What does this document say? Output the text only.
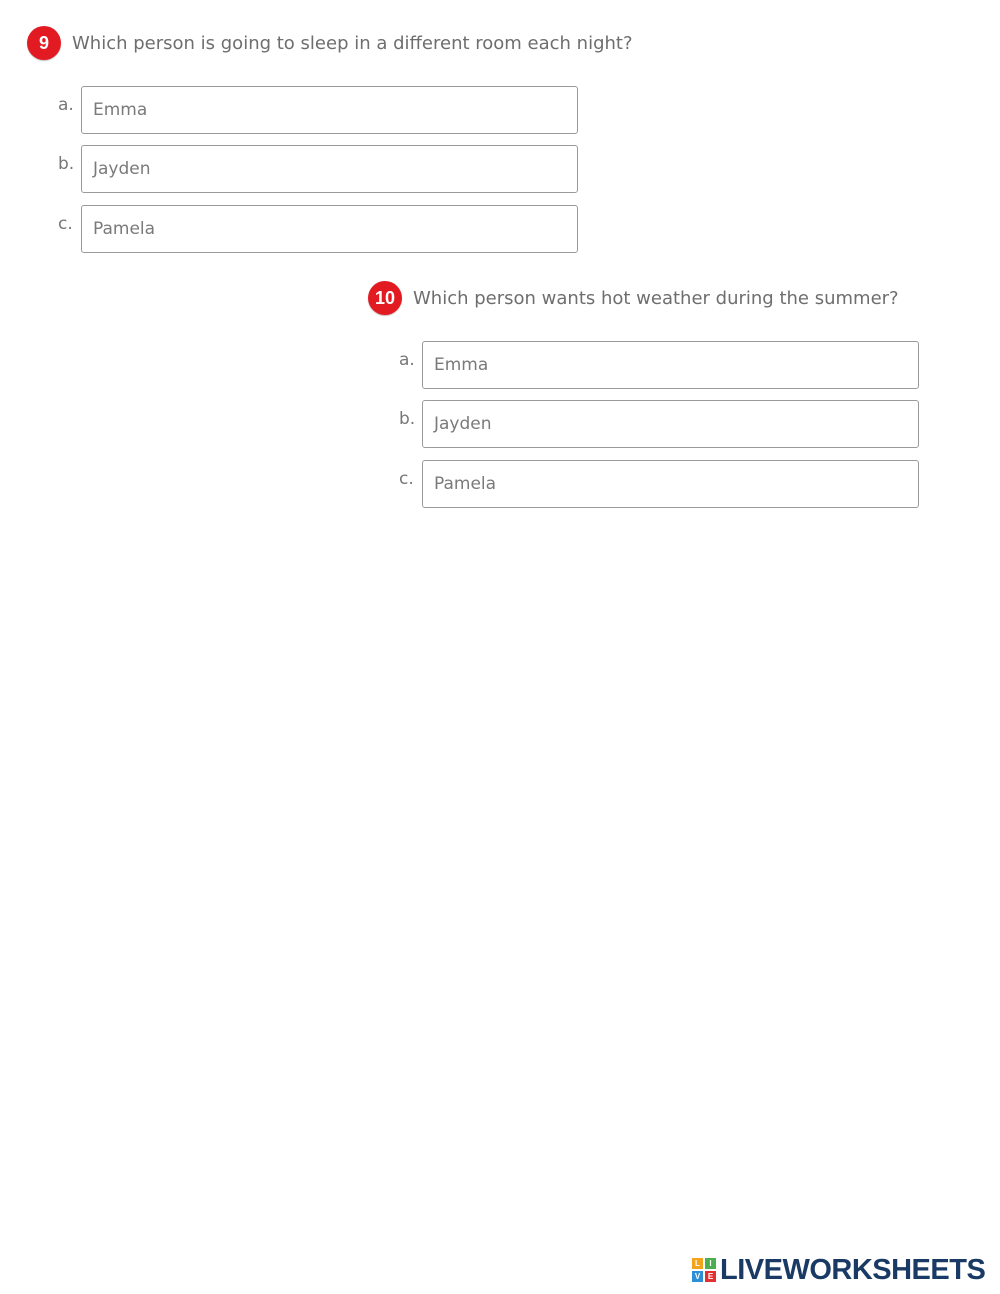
9	Which person is going to sleep in a different room each night?
a. Emma
b. Jayden
c. Pamela
10 Which person wants hot weather during the summer?
a. Emma
b. Jayden
c. Pamela
L	I
V E LIVEWORKSHEETS
